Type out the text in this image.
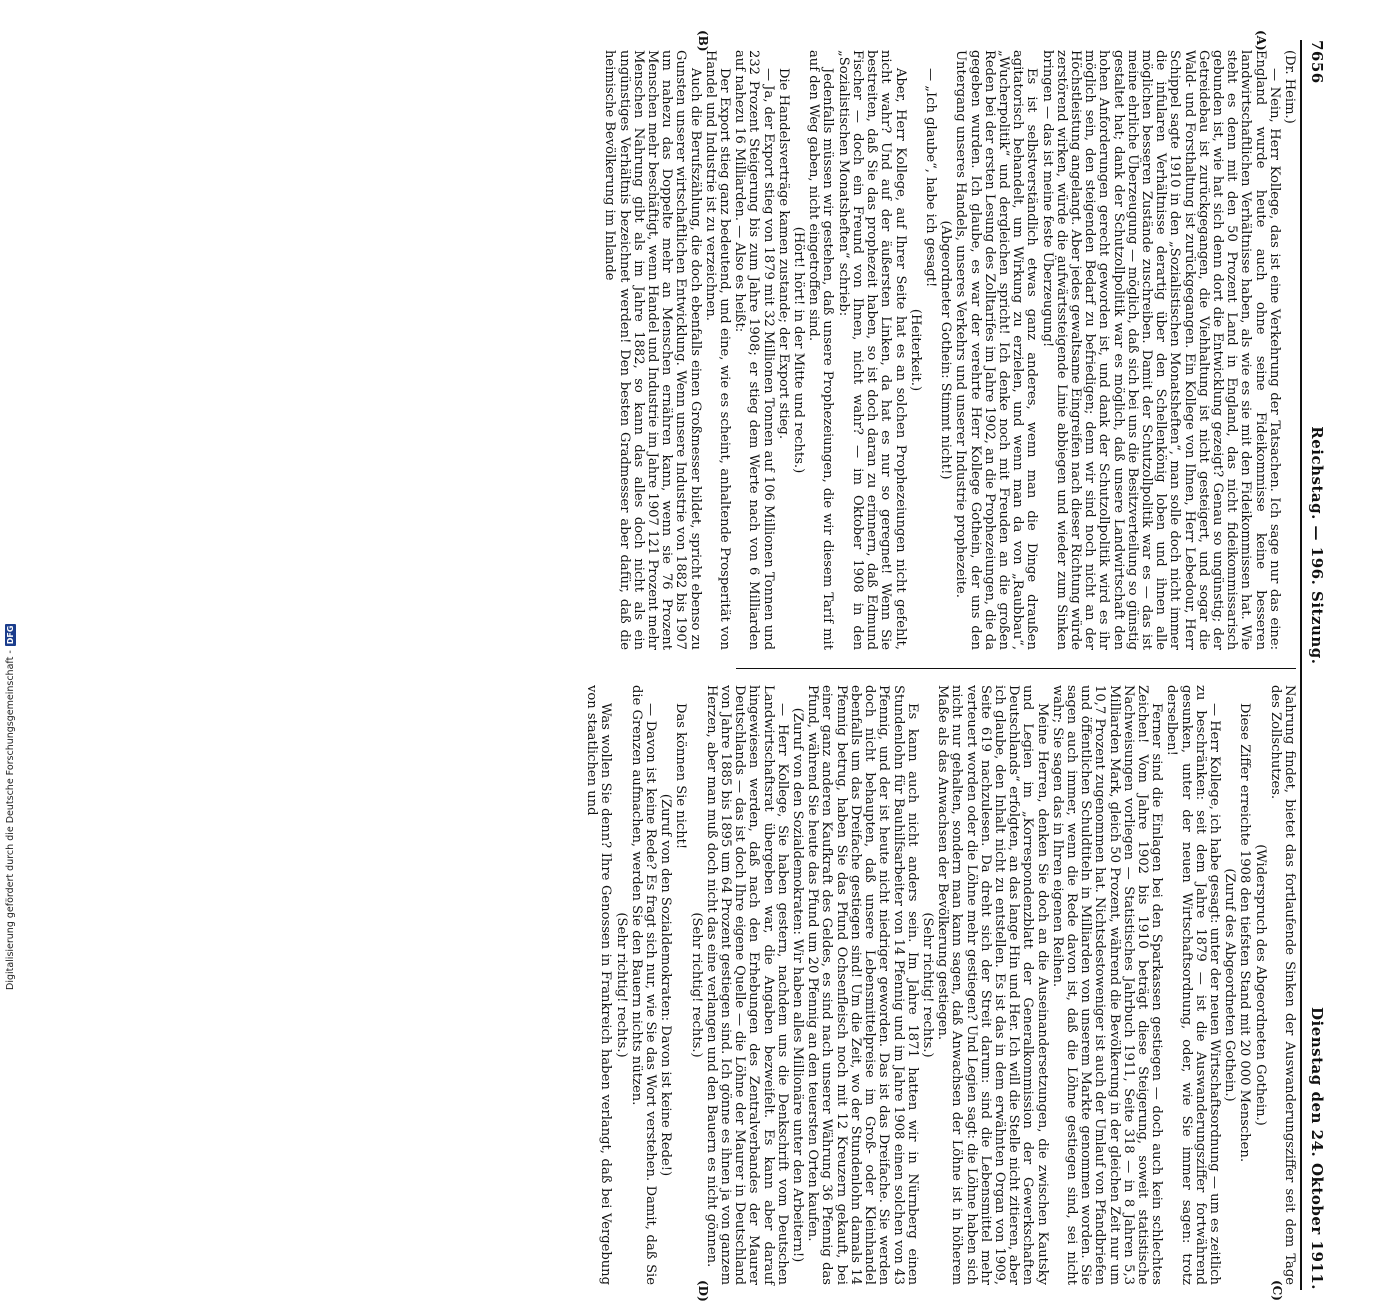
7656
Reichstag. — 196. Sitzung.
Dienstag den 24. Oktober 1911.
(A)
(B)
(C)
(D)

(Dr. Heim.)

— Nein, Herr Kollege, das ist eine Verkehrung der Tatsachen. Ich sage nur das eine: England wurde heute auch ohne seine Fideikommisse keine besseren landwirtschaftlichen Verhältnisse haben, als wie es sie mit den Fideikommissen hat. Wie steht es denn mit den 50 Prozent Land in England, das nicht fideikommissarisch gebunden ist, wie hat sich denn dort die Entwicklung gezeigt? Genau so ungünstig; der Getreidebau ist zurückgegangen, die Viehhaltung ist nicht gesteigert, und sogar die Wald- und Forsthaltung ist zurückgegangen. Ein Kollege von Ihnen, Herr Lebedour, Herr Schippel sagte 1910 in den „Sozialistischen Monatsheften“, man solle doch nicht immer die infularen Verhältnisse derartig über den Schellenkönig loben und ihnen alle möglichen besseren Zustände zuschreiben. Damit der Schutzollpolitik war es — das ist meine ehrliche Überzeugung — möglich, daß sich bei uns die Besitzverteilung so günstig gestaltet hat; dank der Schutzollpolitik war es möglich, daß unsere Landwirtschaft den hohen Anforderungen gerecht geworden ist, und dank der Schutzollpolitik wird es ihr möglich sein, den steigenden Bedarf zu befriedigen; denn wir sind noch nicht an der Höchstleistung angelangt. Aber jedes gewaltsame Eingreifen nach dieser Richtung würde zerstörend wirken, würde die aufwärtssteigende Linie abbiegen und wieder zum Sinken bringen — das ist meine feste Überzeugung!

Es ist selbstverständlich etwas ganz anderes, wenn man die Dinge draußen agitatorisch behandelt, um Wirkung zu erzielen, und wenn man da von „Raubbau“, „Wucherpolitik“ und dergleichen spricht! Ich denke noch mit Freuden an die großen Reden bei der ersten Lesung des Zolltarifes im Jahre 1902, an die Prophezeiungen, die da gegeben wurden. Ich glaube, es war der verehrte Herr Kollege Gothein, der uns den Untergang unseres Handels, unseres Verkehrs und unserer Industrie prophezeite.

(Abgeordneter Gothein: Stimmt nicht!)

— „Ich glaube“, habe ich gesagt!

(Heiterkeit.)

Aber, Herr Kollege, auf Ihrer Seite hat es an solchen Prophezeiungen nicht gefehlt, nicht wahr? Und auf der äußersten Linken, da hat es nur so geregnet! Wenn Sie bestreiten, daß Sie das prophezeit haben, so ist doch daran zu erinnern, daß Edmund Fischer — doch ein Freund von Ihnen, nicht wahr? — im Oktober 1908 in den „Sozialistischen Monatsheften“ schrieb:

Jedenfalls müssen wir gestehen, daß unsere Prophezeiungen, die wir diesem Tarif mit auf den Weg gaben, nicht eingetroffen sind.

(Hört! hört! in der Mitte und rechts.)

Die Handelsverträge kamen zustande; der Export stieg.

— Ja, der Export stieg von 1879 mit 32 Millionen Tonnen auf 106 Millionen Tonnen und 232 Prozent Steigerung bis zum Jahre 1908; er stieg dem Werte nach von 6 Milliarden auf nahezu 16 Milliarden. — Also es heißt:

Der Export stieg ganz bedeutend, und eine, wie es scheint, anhaltende Prosperität von Handel und Industrie ist zu verzeichnen.

Auch die Berufszählung, die doch ebenfalls einen Großmesser bildet, spricht ebenso zu Gunsten unserer wirtschaftlichen Entwicklung. Wenn unsere Industrie von 1882 bis 1907 um nahezu das Doppelte mehr an Menschen ernähren kann, wenn sie 76 Prozent Menschen mehr beschäftigt, wenn Handel und Industrie im Jahre 1907 121 Prozent mehr Menschen Nahrung gibt als im Jahre 1882, so kann das alles doch nicht als ein ungünstiges Verhältnis bezeichnet werden! Den besten Gradmesser aber dafür, daß die heimische Bevölkerung im Inlande

Nahrung findet, bietet das fortlaufende Sinken der Auswanderungsziffer seit dem Tage des Zollschutzes.

(Widerspruch des Abgeordneten Gothein.)

Diese Ziffer erreichte 1908 den tiefsten Stand mit 20 000 Menschen.

(Zuruf des Abgeordneten Gothein.)

— Herr Kollege, ich habe gesagt: unter der neuen Wirtschaftsordnung — um es zeitlich zu beschränken: seit dem Jahre 1879 — ist die Auswanderungsziffer fortwährend gesunken, unter der neuen Wirtschaftsordnung, oder, wie Sie immer sagen: trotz derselben!

Ferner sind die Einlagen bei den Sparkassen gestiegen — doch auch kein schlechtes Zeichen! Vom Jahre 1902 bis 1910 beträgt diese Steigerung, soweit statistische Nachweisungen vorliegen — Statistisches Jahrbuch 1911, Seite 318 — in 8 Jahren 5,3 Milliarden Mark, gleich 50 Prozent, während die Bevölkerung in der gleichen Zeit nur um 10,7 Prozent zugenommen hat. Nichtsdestoweniger ist auch der Umlauf von Pfandbriefen und öffentlichen Schuldtiteln in Milliarden von unserem Markte genommen worden. Sie sagen auch immer, wenn die Rede davon ist, daß die Löhne gestiegen sind, sei nicht wahr; Sie sagen das in Ihren eigenen Reihen.

Meine Herren, denken Sie doch an die Auseinandersetzungen, die zwischen Kautsky und Legien im „Korrespondenzblatt der Generalkommission der Gewerkschaften Deutschlands“ erfolgten, an das lange Hin und Her. Ich will die Stelle nicht zitieren, aber ich glaube, den Inhalt nicht zu entstellen. Es ist das in dem erwähnten Organ von 1909, Seite 619 nachzulesen. Da dreht sich der Streit darum: sind die Lebensmittel mehr verteuert worden oder die Löhne mehr gestiegen? Und Legien sagt: die Löhne haben sich nicht nur gehalten, sondern man kann sagen, daß Anwachsen der Löhne ist in höherem Maße als das Anwachsen der Bevölkerung gestiegen.

(Sehr richtig! rechts.)

Es kann auch nicht anders sein. Im Jahre 1871 hatten wir in Nürnberg einen Stundenlohn für Bauhilfsarbeiter von 14 Pfennig und im Jahre 1908 einen solchen von 43 Pfennig, und der ist heute nicht niedriger geworden. Das ist das Dreifache. Sie werden doch nicht behaupten, daß unsere Lebensmittelpreise im Groß- oder Kleinhandel ebenfalls um das Dreifache gestiegen sind! Um die Zeit, wo der Stundenlohn damals 14 Pfennig betrug, haben Sie das Pfund Ochsenfleisch noch mit 12 Kreuzern gekauft, bei einer ganz anderen Kaufkraft des Geldes, es sind nach unserer Währung 36 Pfennig das Pfund, während Sie heute das Pfund um 20 Pfennig an den teuersten Orten kaufen.

(Zuruf von den Sozialdemokraten: Wir haben alles Millionäre unter den Arbeitern!)

— Herr Kollege, Sie haben gestern, nachdem uns die Denkschrift vom Deutschen Landwirtschaftsrat übergeben war, die Angaben bezweifelt. Es kann aber darauf hingewiesen werden, daß nach den Erhebungen des Zentralverbandes der Maurer Deutschlands — das ist doch Ihre eigene Quelle — die Löhne der Maurer in Deutschland von Jahre 1885 bis 1895 um 64 Prozent gestiegen sind. Ich gönne es ihnen ja von ganzem Herzen, aber man muß doch nicht das eine verlangen und den Bauern es nicht gönnen.

(Sehr richtig! rechts.)

Das können Sie nicht!

(Zuruf von den Sozialdemokraten: Davon ist keine Rede!)

— Davon ist keine Rede? Es fragt sich nur, wie Sie das Wort verstehen. Damit, daß Sie die Grenzen aufmachen, werden Sie den Bauern nichts nützen.

(Sehr richtig! rechts.)

Was wollen Sie denn? Ihre Genossen in Frankreich haben verlangt, daß bei Vergebung von staatlichen und

Digitalisierung gefördert durch die Deutsche Forschungsgemeinschaft -
DFG
